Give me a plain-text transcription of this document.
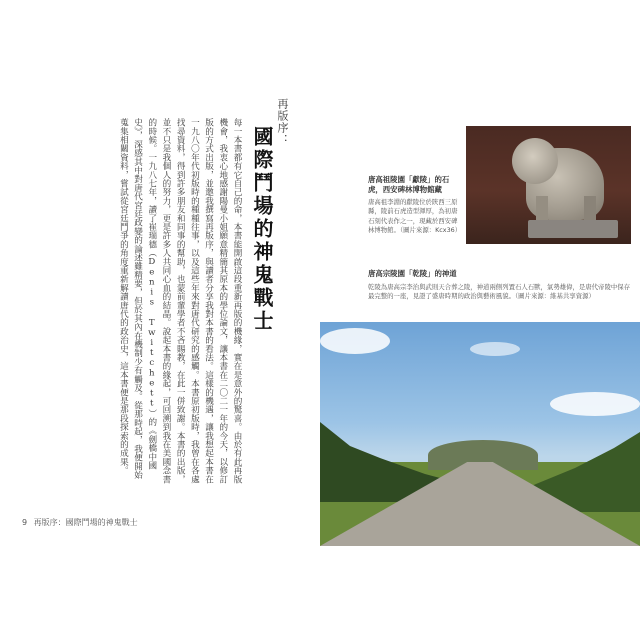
再版序：
國際鬥場的神鬼戰士
每一本書都有它自己的命，本書能開啟這段重新再版的機緣，實在是意外的驚喜。由於有此再版機會，我衷心地感謝陽曼小姐願意精簡其原本的學位論文，讓本書在二〇二一年的今天，以修訂版的方式出版，並邀我撰寫再版序，與讀者分享我對本書的看法。這樣的機遇，讓我想起本書在一九八〇年代初版時的種種往事，以及這些年來對唐代研究的感觸。本書原初版時，我曾在各處找尋資料，得到許多朋友和同事的幫助，也蒙前輩學者不吝賜教，在此一併致謝。本書的出版，並不只是我個人的努力，更是許多人共同心血的結晶。說起本書的緣起，可回溯到我在美國念書的時候。一九八七年，讀了崔瑞德（Denis Twitchett）的《劍橋中國史》，深感其中對唐代宮廷政變的論述雖精要，但於其內在機制少有觸及。從那時起，我便開始蒐集相關資料，嘗試從宮廷鬥爭的角度重新解讀唐代的政治史，這本書便是那段探索的成果。
9 再版序：國際鬥場的神鬼戰士
唐高祖陵園「獻陵」的石虎，西安碑林博物館藏
唐高祖李淵的獻陵位於陝西三原縣，陵前石虎造型渾厚，為初唐石刻代表作之一，現藏於西安碑林博物館。（圖片來源：Kcx36）
唐高宗陵園「乾陵」的神道
乾陵為唐高宗李治與武則天合葬之陵，神道兩側列置石人石獸，氣勢雄偉，是唐代帝陵中保存最完整的一座，見證了盛唐時期的政治與藝術風貌。（圖片來源：維基共享資源）
